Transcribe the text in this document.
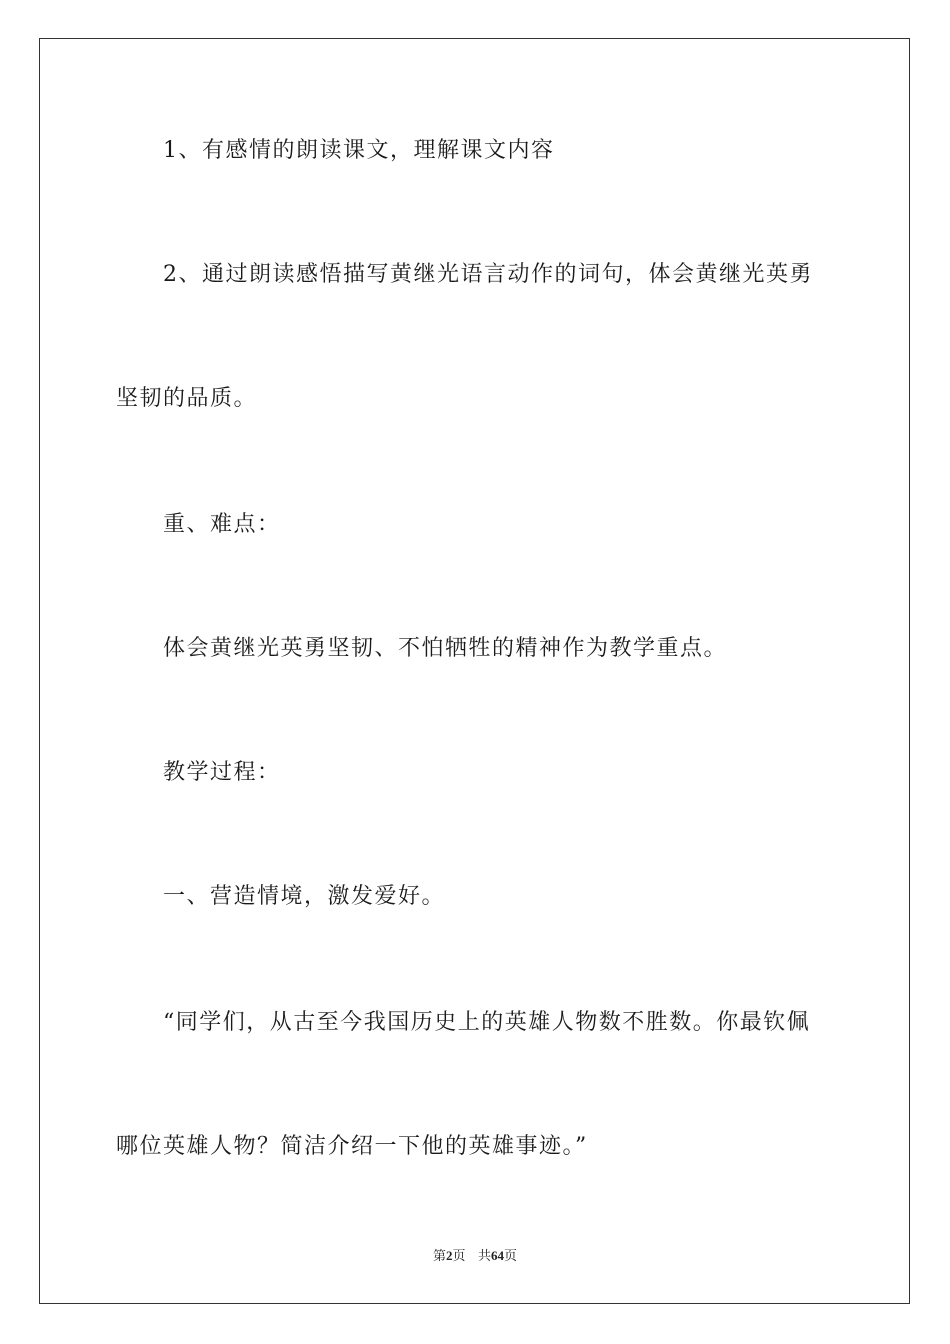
1、有感情的朗读课文，理解课文内容
2、通过朗读感悟描写黄继光语言动作的词句，体会黄继光英勇
坚韧的品质。
重、难点：
体会黄继光英勇坚韧、不怕牺牲的精神作为教学重点。
教学过程：
一、营造情境，激发爱好。
“同学们，从古至今我国历史上的英雄人物数不胜数。你最钦佩
哪位英雄人物？简洁介绍一下他的英雄事迹。”
第2页 共64页
